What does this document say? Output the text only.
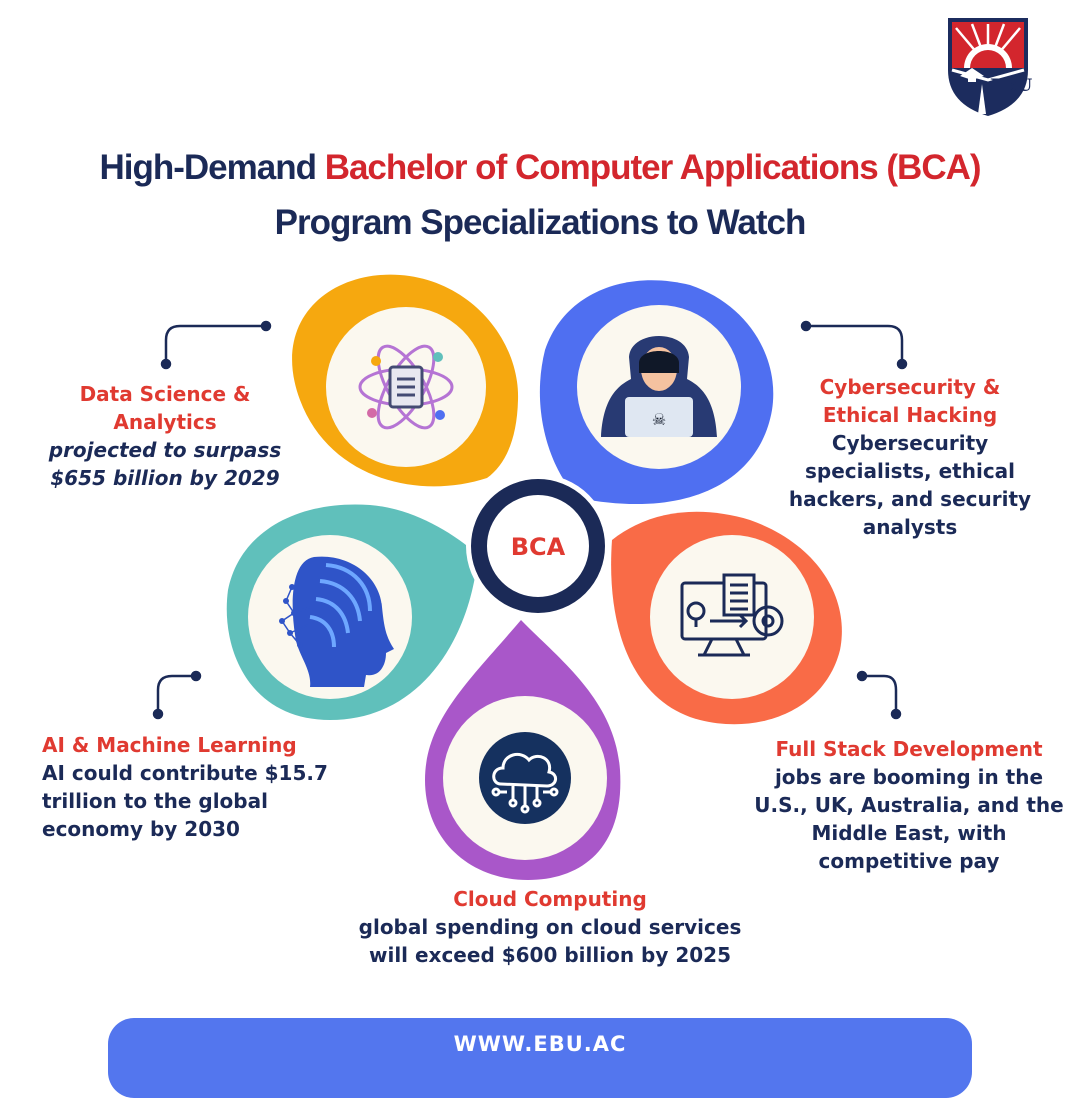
EBU
High-Demand Bachelor of Computer Applications (BCA)
Program Specializations to Watch
BCA
☠
Data Science &
Analytics
projected to surpass
$655 billion by 2029
Cybersecurity &
Ethical Hacking
Cybersecurity
specialists, ethical
hackers, and security
analysts
AI & Machine Learning
AI could contribute $15.7
trillion to the global
economy by 2030
Full Stack Development
jobs are booming in the
U.S., UK, Australia, and the
Middle East, with
competitive pay
Cloud Computing
global spending on cloud services
will exceed $600 billion by 2025
WWW.EBU.AC
